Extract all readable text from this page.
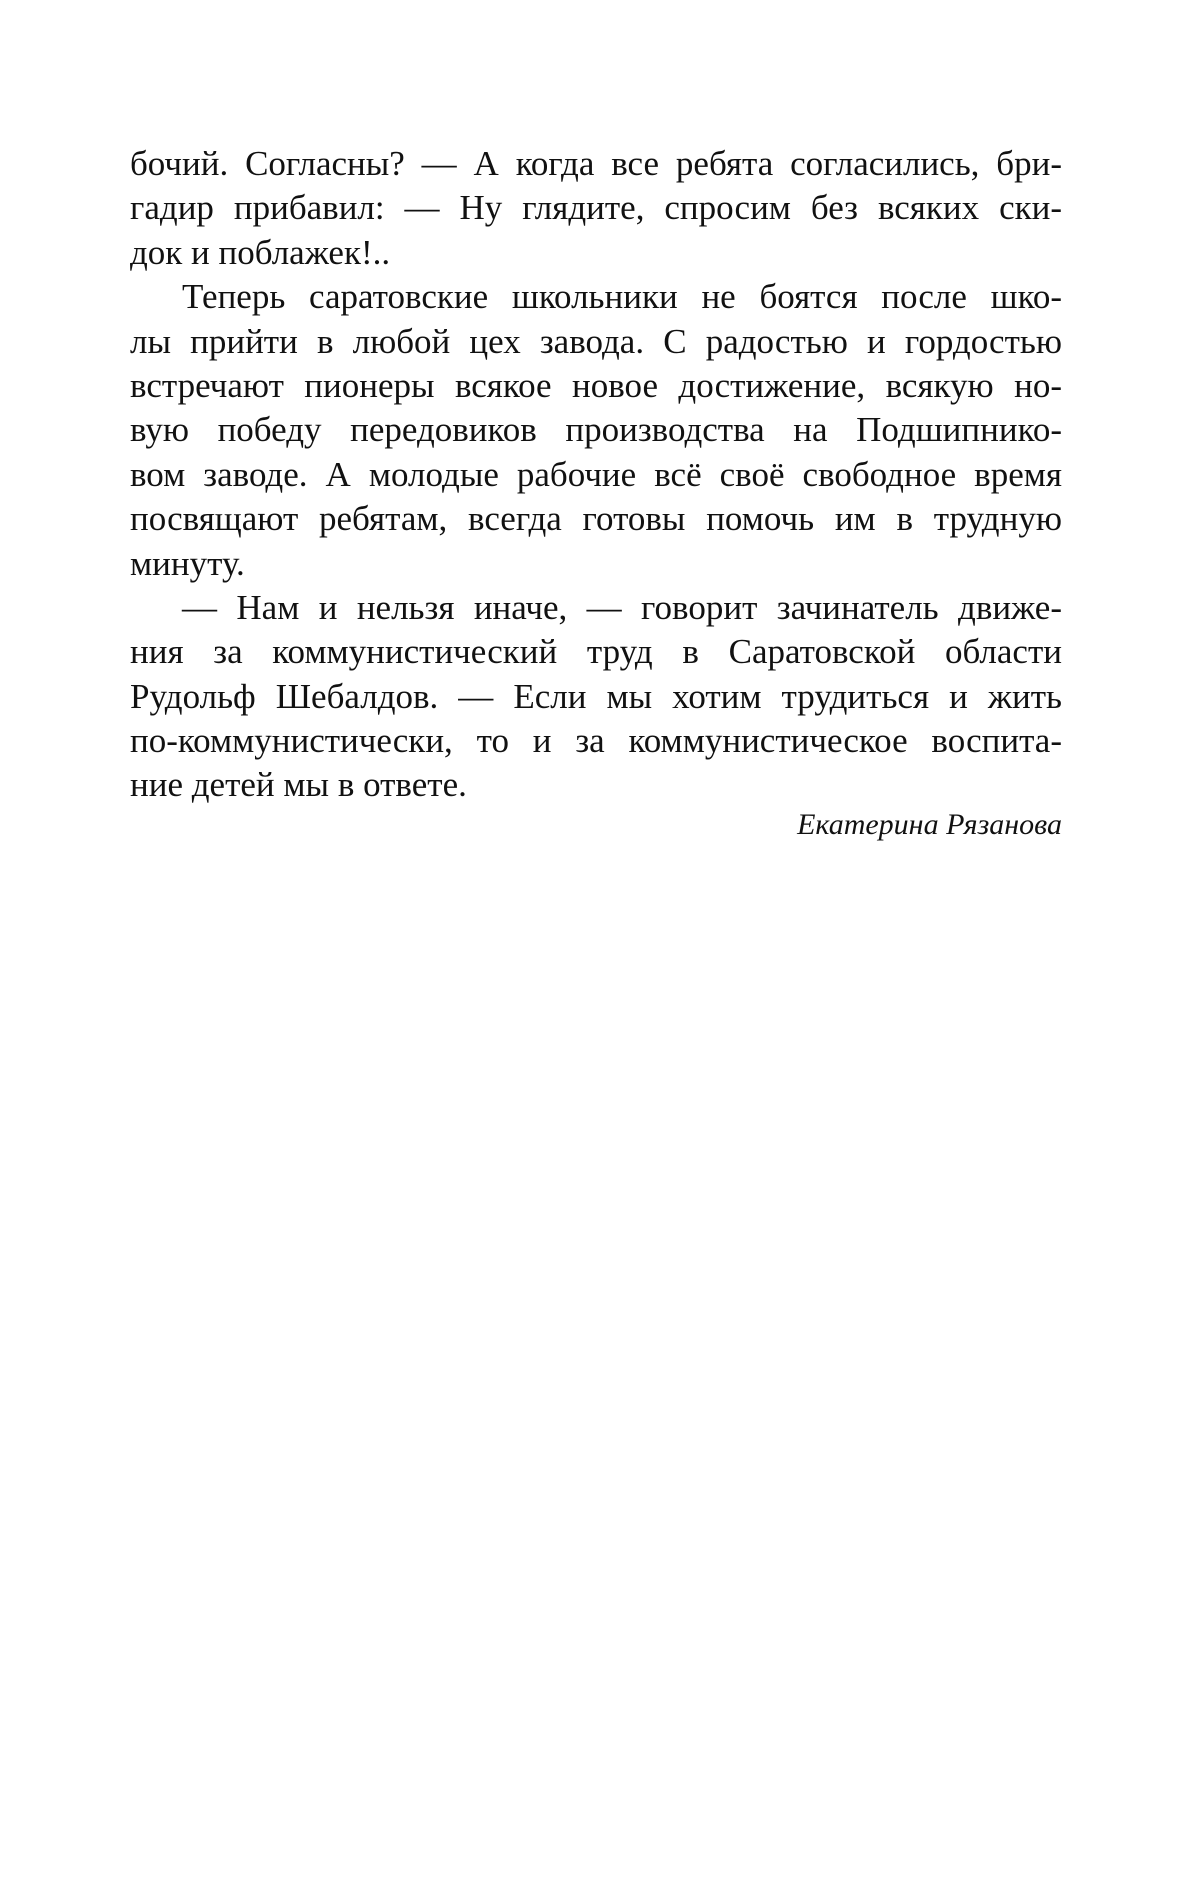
бочий. Согласны? — А когда все ребята согласились, бри-
гадир прибавил: — Ну глядите, спросим без всяких ски-
док и поблажек!..
Теперь саратовские школьники не боятся после шко-
лы прийти в любой цех завода. С радостью и гордостью
встречают пионеры всякое новое достижение, всякую но-
вую победу передовиков производства на Подшипнико-
вом заводе. А молодые рабочие всё своё свободное время
посвящают ребятам, всегда готовы помочь им в трудную
минуту.
— Нам и нельзя иначе, — говорит зачинатель движе-
ния за коммунистический труд в Саратовской области
Рудольф Шебалдов. — Если мы хотим трудиться и жить
по-коммунистически, то и за коммунистическое воспита-
ние детей мы в ответе.
Екатерина Рязанова
